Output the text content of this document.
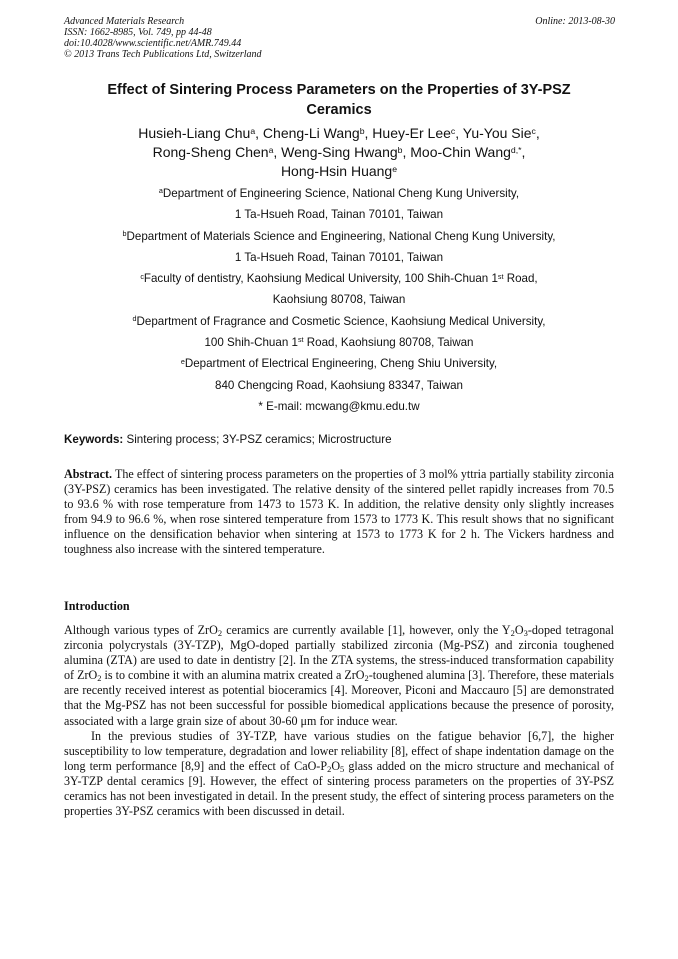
Advanced Materials Research
ISSN: 1662-8985, Vol. 749, pp 44-48
doi:10.4028/www.scientific.net/AMR.749.44
© 2013 Trans Tech Publications Ltd, Switzerland
Online: 2013-08-30
Effect of Sintering Process Parameters on the Properties of 3Y-PSZ
Ceramics
Husieh-Liang Chu$^a$, Cheng-Li Wang$^b$, Huey-Er Lee$^c$, Yu-You Sie$^c$,
Rong-Sheng Chen$^a$, Weng-Sing Hwang$^b$, Moo-Chin Wang$^{d,*}$,
Hong-Hsin Huang$^e$
$^a$Department of Engineering Science, National Cheng Kung University,
1 Ta-Hsueh Road, Tainan 70101, Taiwan
$^b$Department of Materials Science and Engineering, National Cheng Kung University,
1 Ta-Hsueh Road, Tainan 70101, Taiwan
$^c$Faculty of dentistry, Kaohsiung Medical University, 100 Shih-Chuan 1st Road,
Kaohsiung 80708, Taiwan
$^d$Department of Fragrance and Cosmetic Science, Kaohsiung Medical University,
100 Shih-Chuan 1st Road, Kaohsiung 80708, Taiwan
$^e$Department of Electrical Engineering, Cheng Shiu University,
840 Chengcing Road, Kaohsiung 83347, Taiwan
* E-mail: mcwang@kmu.edu.tw
Keywords: Sintering process; 3Y-PSZ ceramics; Microstructure
Abstract. The effect of sintering process parameters on the properties of 3 mol% yttria partially stability zirconia (3Y-PSZ) ceramics has been investigated. The relative density of the sintered pellet rapidly increases from 70.5 to 93.6 % with rose temperature from 1473 to 1573 K. In addition, the relative density only slightly increases from 94.9 to 96.6 %, when rose sintered temperature from 1573 to 1773 K. This result shows that no significant influence on the densification behavior when sintering at 1573 to 1773 K for 2 h. The Vickers hardness and toughness also increase with the sintered temperature.
Introduction

Although various types of ZrO$_2$ ceramics are currently available [1], however, only the $Y_2O_3$-doped tetragonal zirconia polycrystals (3Y-TZP), MgO-doped partially stabilized zirconia (Mg-PSZ) and zirconia toughened alumina (ZTA) are used to date in dentistry [2]. In the ZTA systems, the stress-induced transformation capability of ZrO$_2$ is to combine it with an alumina matrix created a ZrO$_2$-toughened alumina [3]. Therefore, these materials are recently received interest as potential bioceramics [4]. Moreover, Piconi and Maccauro [5] are demonstrated that the Mg-PSZ has not been successful for possible biomedical applications because the presence of porosity, associated with a large grain size of about 30-60 μm for induce wear.

In the previous studies of 3Y-TZP, have various studies on the fatigue behavior [6,7], the higher susceptibility to low temperature, degradation and lower reliability [8], effect of shape indentation damage on the long term performance [8,9] and the effect of CaO-$P_2O_5$ glass added on the micro structure and mechanical of 3Y-TZP dental ceramics [9]. However, the effect of sintering process parameters on the properties of 3Y-PSZ ceramics has not been investigated in detail. In the present study, the effect of sintering process parameters on the properties 3Y-PSZ ceramics with been discussed in detail.
